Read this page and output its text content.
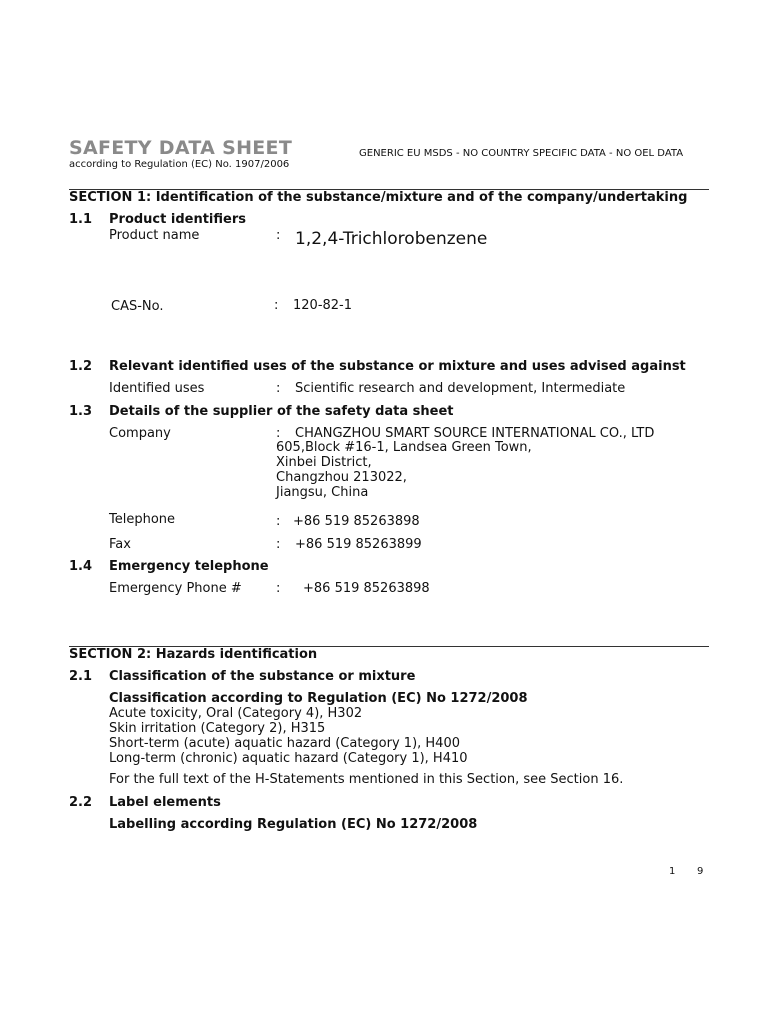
SAFETY DATA SHEET
according to Regulation (EC) No. 1907/2006
GENERIC EU MSDS - NO COUNTRY SPECIFIC DATA - NO OEL DATA
SECTION 1: Identification of the substance/mixture and of the company/undertaking
1.1 Product identifiers
Product name	: 1,2,4-Trichlorobenzene
CAS-No.	: 120-82-1
1.2 Relevant identified uses of the substance or mixture and uses advised against
Identified uses	: Scientific research and development, Intermediate
1.3 Details of the supplier of the safety data sheet
Company	: CHANGZHOU SMART SOURCE INTERNATIONAL CO., LTD
605,Block #16-1, Landsea Green Town,
Xinbei District,
Changzhou 213022,
Jiangsu, China
Telephone	: +86 519 85263898
Fax	: +86 519 85263899
1.4 Emergency telephone
Emergency Phone #	: +86 519 85263898
SECTION 2: Hazards identification
2.1 Classification of the substance or mixture
Classification according to Regulation (EC) No 1272/2008
Acute toxicity, Oral (Category 4), H302
Skin irritation (Category 2), H315
Short-term (acute) aquatic hazard (Category 1), H400
Long-term (chronic) aquatic hazard (Category 1), H410
For the full text of the H-Statements mentioned in this Section, see Section 16.
2.2 Label elements
Labelling according Regulation (EC) No 1272/2008
1 9
